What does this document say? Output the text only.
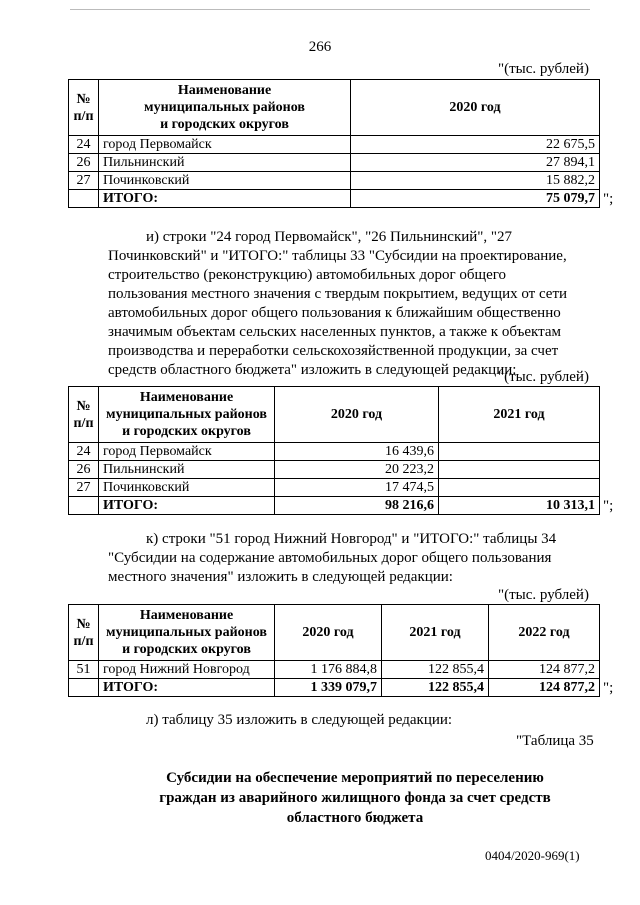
266
"(тыс. рублей)
№
п/п	Наименование
муниципальных районов
и городских округов	2020 год
24	город Первомайск	22 675,5
26	Пильнинский	27 894,1
27	Починковский	15 882,2
	ИТОГО:	75 079,7 ";
и) строки "24 город Первомайск", "26 Пильнинский", "27
Починковский" и "ИТОГО:" таблицы 33 "Субсидии на проектирование,
строительство (реконструкцию) автомобильных дорог общего
пользования местного значения с твердым покрытием, ведущих от сети
автомобильных дорог общего пользования к ближайшим общественно
значимым объектам сельских населенных пунктов, а также к объектам
производства и переработки сельскохозяйственной продукции, за счет
средств областного бюджета" изложить в следующей редакции:
"(тыс. рублей)
№
п/п	Наименование
муниципальных районов
и городских округов	2020 год	2021 год
24	город Первомайск	16 439,6	
26	Пильнинский	20 223,2	
27	Починковский	17 474,5	
	ИТОГО:	98 216,6	10 313,1 ";
к) строки "51 город Нижний Новгород" и "ИТОГО:" таблицы 34
"Субсидии на содержание автомобильных дорог общего пользования
местного значения" изложить в следующей редакции:
"(тыс. рублей)
№
п/п	Наименование
муниципальных районов
и городских округов	2020 год	2021 год	2022 год
51	город Нижний Новгород	1 176 884,8	122 855,4	124 877,2
	ИТОГО:	1 339 079,7	122 855,4	124 877,2 ";
л) таблицу 35 изложить в следующей редакции:
"Таблица 35
Субсидии на обеспечение мероприятий по переселению
граждан из аварийного жилищного фонда за счет средств
областного бюджета
0404/2020-969(1)
